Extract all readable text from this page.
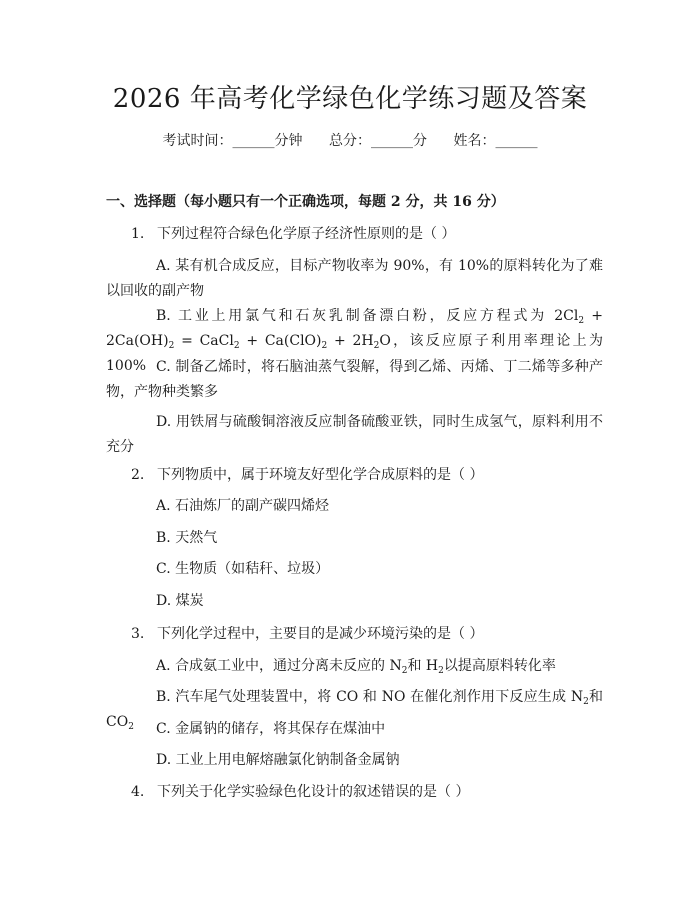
2026 年高考化学绿色化学练习题及答案
考试时间：______分钟 总分：______分 姓名：______
一、选择题（每小题只有一个正确选项，每题 2 分，共 16 分）
1. 下列过程符合绿色化学原子经济性原则的是（ ）
A. 某有机合成反应，目标产物收率为 90%，有 10%的原料转化为了难以回收的副产物
B. 工业上用氯气和石灰乳制备漂白粉，反应方程式为 $2Cl_2 + 2Ca(OH)_2$ = CaCl$_2$ + $Ca(ClO)_2 + 2H_2O$，该反应原子利用率理论上为 100% C. 制备乙烯时，将石脑油蒸气裂解，得到乙烯、丙烯、丁二烯等多种产物，产物种类繁多
D. 用铁屑与硫酸铜溶液反应制备硫酸亚铁，同时生成氢气，原料利用不充分
2. 下列物质中，属于环境友好型化学合成原料的是（ ）
A. 石油炼厂的副产碳四烯烃
B. 天然气
C. 生物质（如秸秆、垃圾）
D. 煤炭
3. 下列化学过程中，主要目的是减少环境污染的是（ ）
A. 合成氨工业中，通过分离未反应的 $N_2$和 $H_2$以提高原料转化率
B. 汽车尾气处理装置中，将 CO 和 NO 在催化剂作用下反应生成 $N_2$和 $CO_2$	C. 金属钠的储存，将其保存在煤油中
D. 工业上用电解熔融氯化钠制备金属钠
4. 下列关于化学实验绿色化设计的叙述错误的是（ ）
